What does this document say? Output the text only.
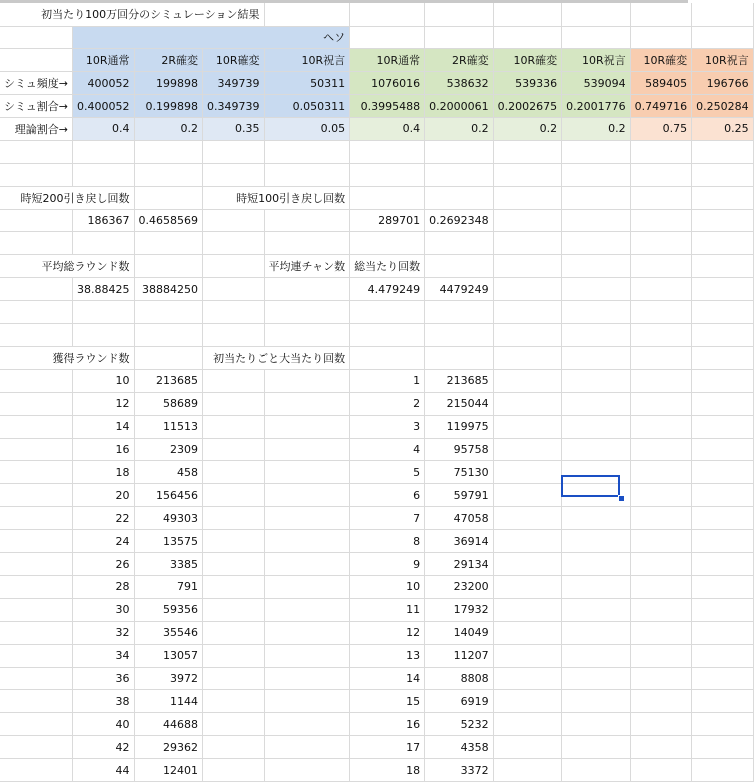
初当たり100万回分のシミュレーション結果										
	ヘソ									
	10R通常	2R確変	10R確変	10R祝言	10R通常	2R確変	10R確変	10R祝言	10R確変	10R祝言
シミュ頻度→	400052	199898	349739	50311	1076016	538632	539336	539094	589405	196766
シミュ割合→	0.400052	0.199898	0.349739	0.050311	0.3995488	0.2000061	0.2002675	0.2001776	0.749716	0.250284
理論割合→	0.4	0.2	0.35	0.05	0.4	0.2	0.2	0.2	0.75	0.25

時短200引き戻し回数			時短100引き戻し回数							
	186367	0.4658569			289701	0.2692348				

平均総ラウンド数				平均連チャン数	総当たり回数					
	38.88425	38884250			4.479249	4479249				

獲得ラウンド数			初当たりごと大当たり回数							
	10	213685			1	213685				
	12	58689			2	215044				
	14	11513			3	119975				
	16	2309			4	95758				
	18	458			5	75130				
	20	156456			6	59791				
	22	49303			7	47058				
	24	13575			8	36914				
	26	3385			9	29134				
	28	791			10	23200				
	30	59356			11	17932				
	32	35546			12	14049				
	34	13057			13	11207				
	36	3972			14	8808				
	38	1144			15	6919				
	40	44688			16	5232				
	42	29362			17	4358				
	44	12401			18	3372				
